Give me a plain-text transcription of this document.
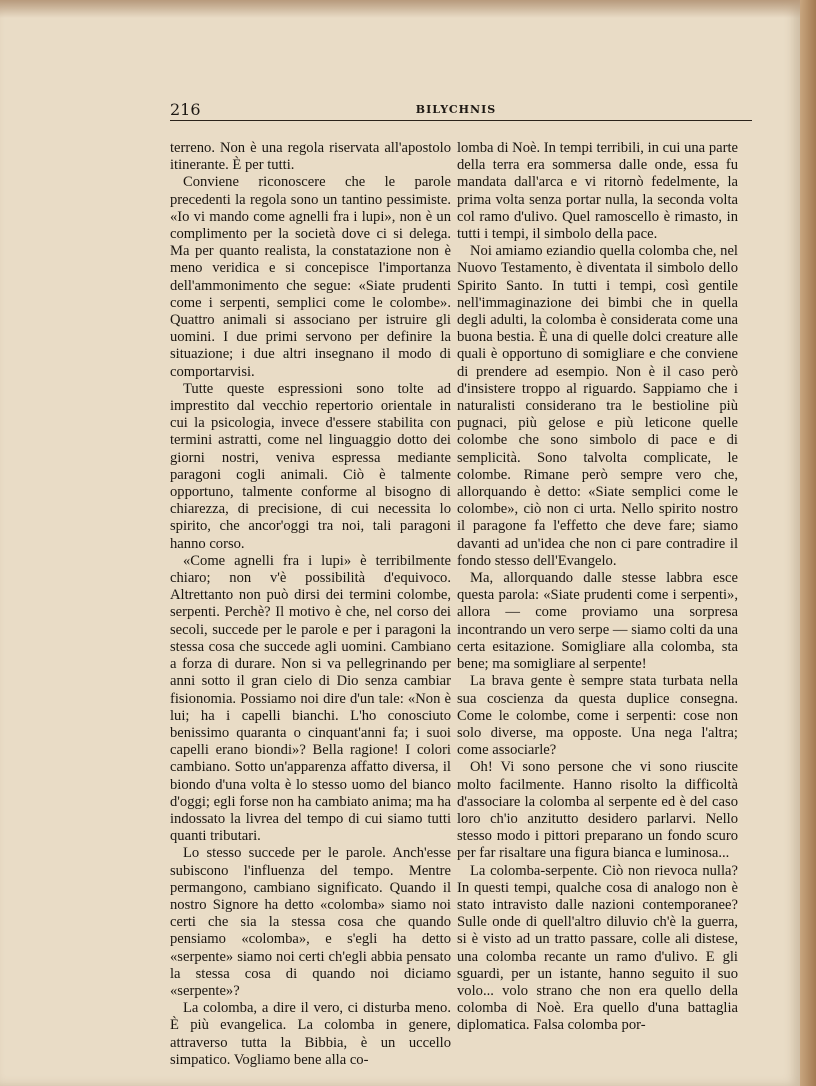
216	BILYCHNIS

terreno. Non è una regola riservata all'apostolo itinerante. È per tutti.

Conviene riconoscere che le parole precedenti la regola sono un tantino pessimiste. «Io vi mando come agnelli fra i lupi», non è un complimento per la società dove ci si delega. Ma per quanto realista, la constatazione non è meno veridica e si concepisce l'importanza dell'ammonimento che segue: «Siate prudenti come i serpenti, semplici come le colombe». Quattro animali si associano per istruire gli uomini. I due primi servono per definire la situazione; i due altri insegnano il modo di comportarvisi.

Tutte queste espressioni sono tolte ad imprestito dal vecchio repertorio orientale in cui la psicologia, invece d'essere stabilita con termini astratti, come nel linguaggio dotto dei giorni nostri, veniva espressa mediante paragoni cogli animali. Ciò è talmente opportuno, talmente conforme al bisogno di chiarezza, di precisione, di cui necessita lo spirito, che ancor'oggi tra noi, tali paragoni hanno corso.

«Come agnelli fra i lupi» è terribilmente chiaro; non v'è possibilità d'equivoco. Altrettanto non può dirsi dei termini colombe, serpenti. Perchè? Il motivo è che, nel corso dei secoli, succede per le parole e per i paragoni la stessa cosa che succede agli uomini. Cambiano a forza di durare. Non si va pellegrinando per anni sotto il gran cielo di Dio senza cambiar fisionomia. Possiamo noi dire d'un tale: «Non è lui; ha i capelli bianchi. L'ho conosciuto benissimo quaranta o cinquant'anni fa; i suoi capelli erano biondi»? Bella ragione! I colori cambiano. Sotto un'apparenza affatto diversa, il biondo d'una volta è lo stesso uomo del bianco d'oggi; egli forse non ha cambiato anima; ma ha indossato la livrea del tempo di cui siamo tutti quanti tributari.

Lo stesso succede per le parole. Anch'esse subiscono l'influenza del tempo. Mentre permangono, cambiano significato. Quando il nostro Signore ha detto «colomba» siamo noi certi che sia la stessa cosa che quando pensiamo «colomba», e s'egli ha detto «serpente» siamo noi certi ch'egli abbia pensato la stessa cosa di quando noi diciamo «serpente»?

La colomba, a dire il vero, ci disturba meno. È più evangelica. La colomba in genere, attraverso tutta la Bibbia, è un uccello simpatico. Vogliamo bene alla co-

lomba di Noè. In tempi terribili, in cui una parte della terra era sommersa dalle onde, essa fu mandata dall'arca e vi ritornò fedelmente, la prima volta senza portar nulla, la seconda volta col ramo d'ulivo. Quel ramoscello è rimasto, in tutti i tempi, il simbolo della pace.

Noi amiamo eziandio quella colomba che, nel Nuovo Testamento, è diventata il simbolo dello Spirito Santo. In tutti i tempi, così gentile nell'immaginazione dei bimbi che in quella degli adulti, la colomba è considerata come una buona bestia. È una di quelle dolci creature alle quali è opportuno di somigliare e che conviene di prendere ad esempio. Non è il caso però d'insistere troppo al riguardo. Sappiamo che i naturalisti considerano tra le bestioline più pugnaci, più gelose e più leticone quelle colombe che sono simbolo di pace e di semplicità. Sono talvolta complicate, le colombe. Rimane però sempre vero che, allorquando è detto: «Siate semplici come le colombe», ciò non ci urta. Nello spirito nostro il paragone fa l'effetto che deve fare; siamo davanti ad un'idea che non ci pare contradire il fondo stesso dell'Evangelo.

Ma, allorquando dalle stesse labbra esce questa parola: «Siate prudenti come i serpenti», allora — come proviamo una sorpresa incontrando un vero serpe — siamo colti da una certa esitazione. Somigliare alla colomba, sta bene; ma somigliare al serpente!

La brava gente è sempre stata turbata nella sua coscienza da questa duplice consegna. Come le colombe, come i serpenti: cose non solo diverse, ma opposte. Una nega l'altra; come associarle?

Oh! Vi sono persone che vi sono riuscite molto facilmente. Hanno risolto la difficoltà d'associare la colomba al serpente ed è del caso loro ch'io anzitutto desidero parlarvi. Nello stesso modo i pittori preparano un fondo scuro per far risaltare una figura bianca e luminosa...

La colomba-serpente. Ciò non rievoca nulla? In questi tempi, qualche cosa di analogo non è stato intravisto dalle nazioni contemporanee? Sulle onde di quell'altro diluvio ch'è la guerra, si è visto ad un tratto passare, colle ali distese, una colomba recante un ramo d'ulivo. E gli sguardi, per un istante, hanno seguito il suo volo... volo strano che non era quello della colomba di Noè. Era quello d'una battaglia diplomatica. Falsa colomba por-
